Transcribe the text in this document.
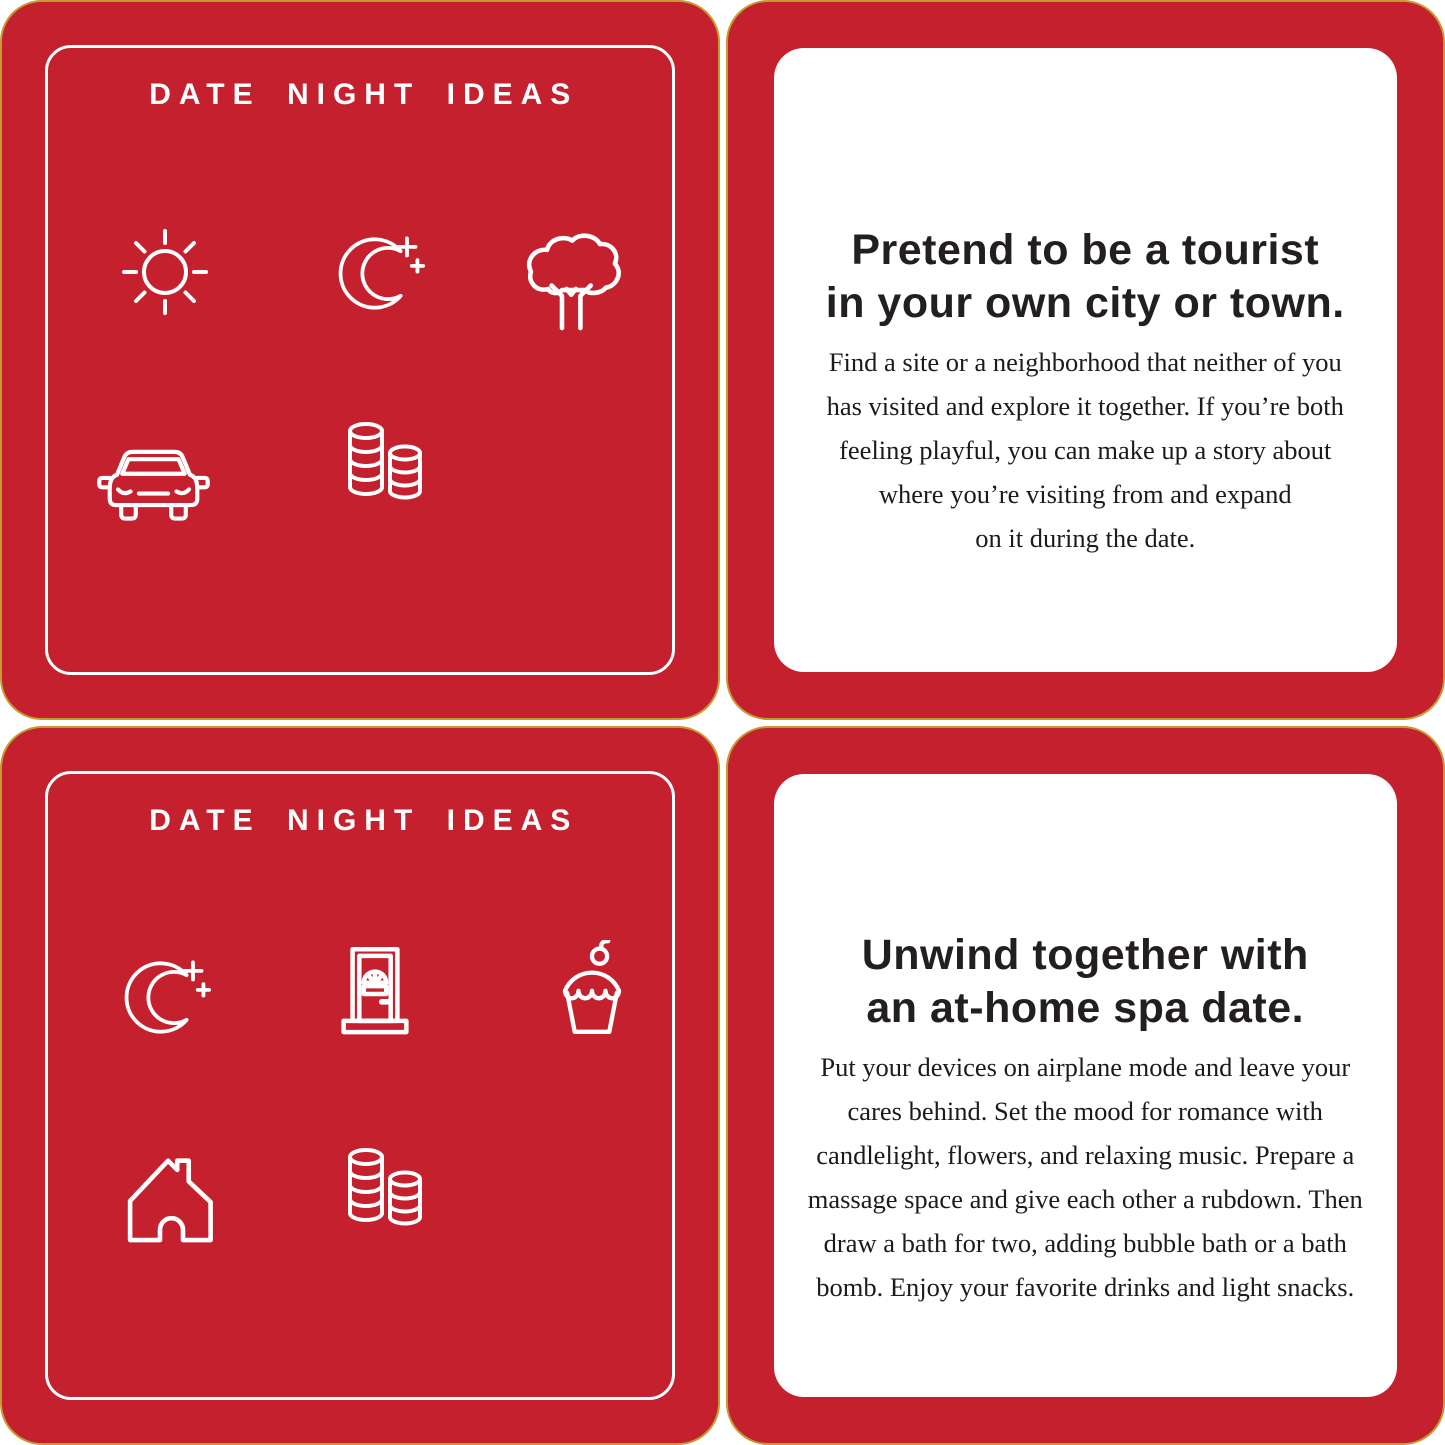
DATE NIGHT IDEAS
Pretend to be a tourist
in your own city or town.
Find a site or a neighborhood that neither of you
has visited and explore it together. If you’re both
feeling playful, you can make up a story about
where you’re visiting from and expand
on it during the date.
DATE NIGHT IDEAS
Unwind together with
an at-home spa date.
Put your devices on airplane mode and leave your
cares behind. Set the mood for romance with
candlelight, flowers, and relaxing music. Prepare a
massage space and give each other a rubdown. Then
draw a bath for two, adding bubble bath or a bath
bomb. Enjoy your favorite drinks and light snacks.
